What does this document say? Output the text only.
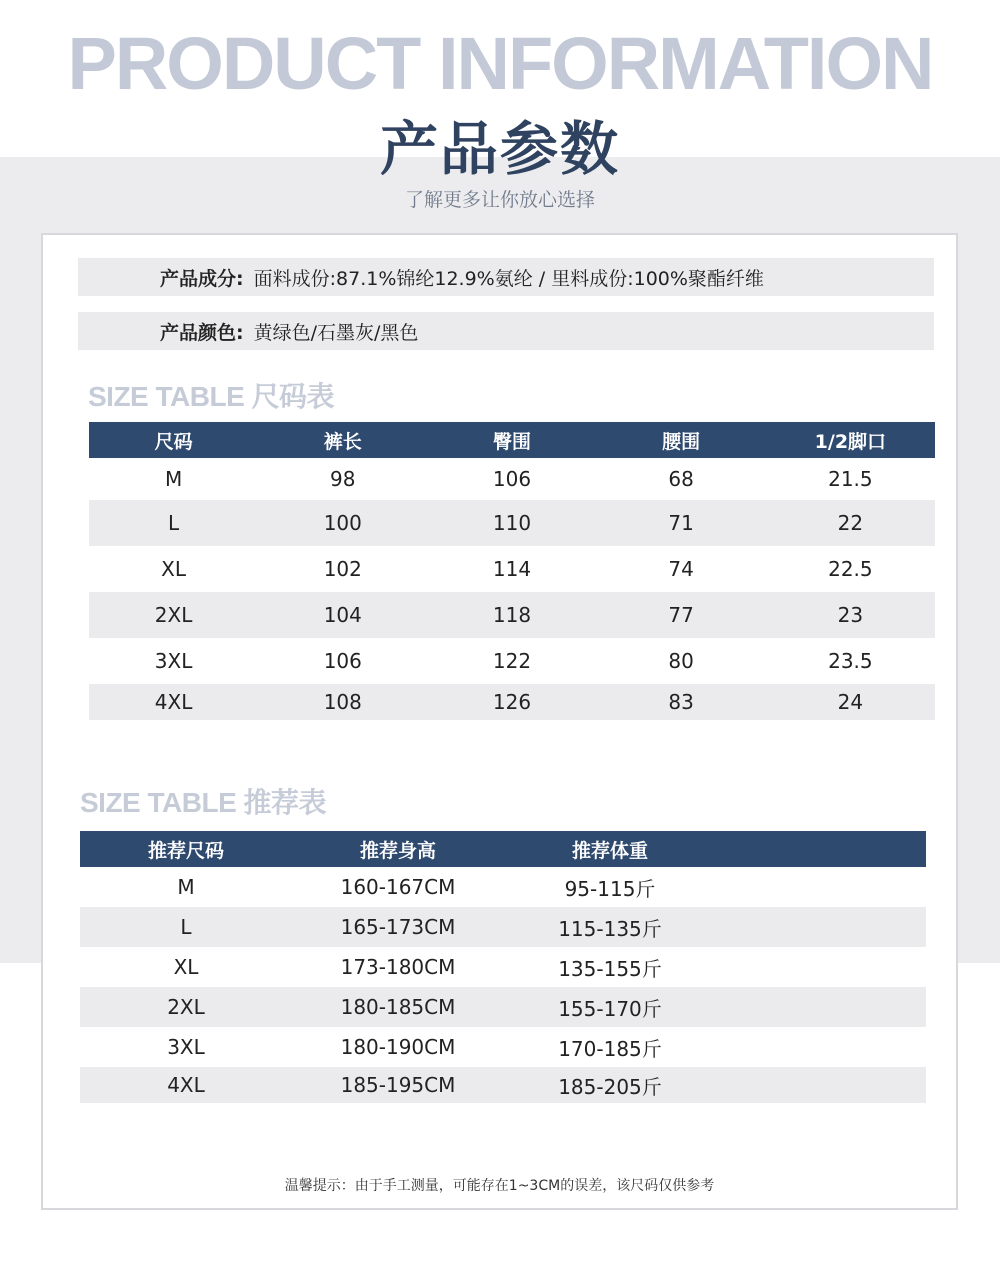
PRODUCT INFORMATION
产品参数
了解更多让你放心选择
产品成分: 面料成份:87.1%锦纶12.9%氨纶 / 里料成份:100%聚酯纤维
产品颜色: 黄绿色/石墨灰/黑色
SIZE TABLE 尺码表
尺码	裤长	臀围	腰围	1/2脚口
M	98	106	68	21.5
L	100	110	71	22
XL	102	114	74	22.5
2XL	104	118	77	23
3XL	106	122	80	23.5
4XL	108	126	83	24
SIZE TABLE 推荐表
推荐尺码	推荐身高	推荐体重	
M	160-167CM	95-115斤	
L	165-173CM	115-135斤	
XL	173-180CM	135-155斤	
2XL	180-185CM	155-170斤	
3XL	180-190CM	170-185斤	
4XL	185-195CM	185-205斤	
温馨提示：由于手工测量，可能存在1~3CM的误差，该尺码仅供参考
